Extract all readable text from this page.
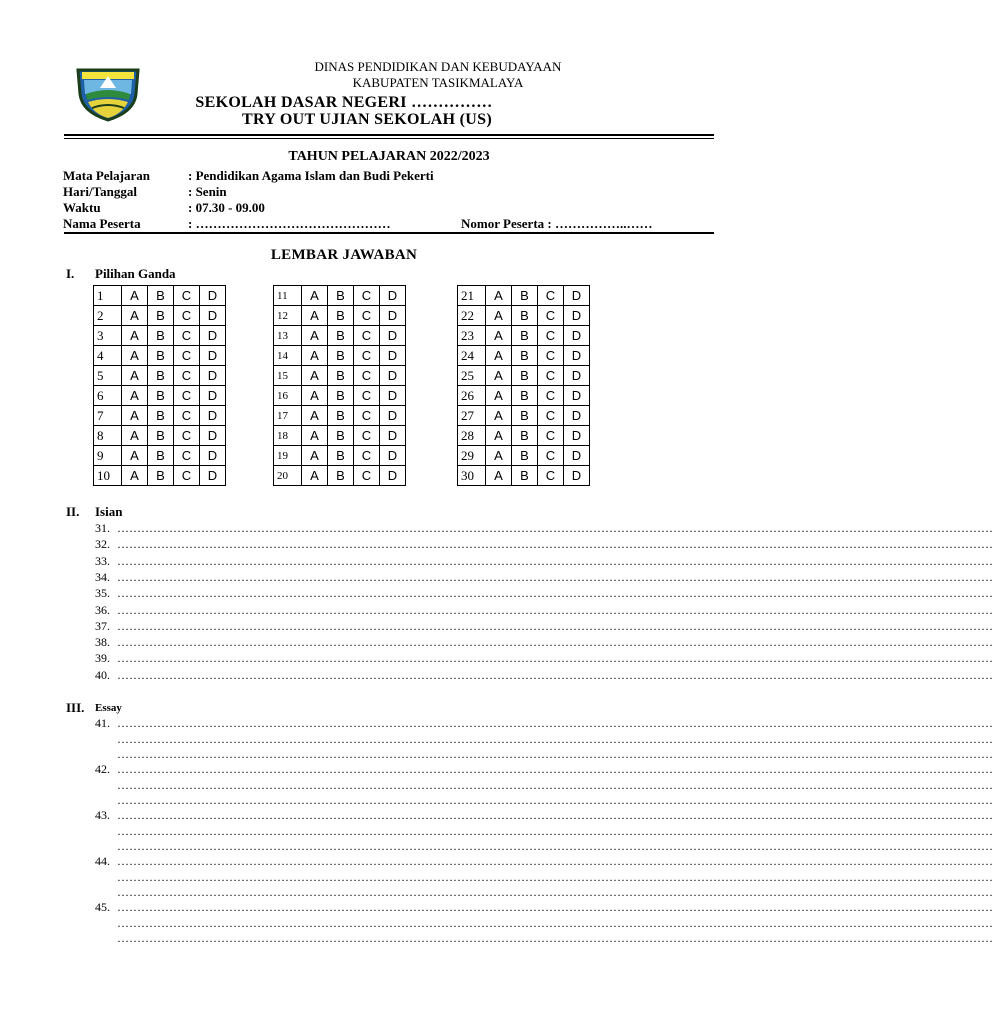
DINAS PENDIDIKAN DAN KEBUDAYAAN
KABUPATEN TASIKMALAYA
SEKOLAH DASAR NEGERI ……………
TRY OUT UJIAN SEKOLAH (US)
TAHUN PELAJARAN 2022/2023
Mata Pelajaran	: Pendidikan Agama Islam dan Budi Pekerti
Hari/Tanggal	: Senin
Waktu	: 07.30 - 09.00
Nama Peserta	: ………………………………………	Nomor Peserta : ……………..……
LEMBAR JAWABAN
I. Pilihan Ganda
1	A	B	C	D
2	A	B	C	D
3	A	B	C	D
4	A	B	C	D
5	A	B	C	D
6	A	B	C	D
7	A	B	C	D
8	A	B	C	D
9	A	B	C	D
10	A	B	C	D
11	A	B	C	D
12	A	B	C	D
13	A	B	C	D
14	A	B	C	D
15	A	B	C	D
16	A	B	C	D
17	A	B	C	D
18	A	B	C	D
19	A	B	C	D
20	A	B	C	D
21	A	B	C	D
22	A	B	C	D
23	A	B	C	D
24	A	B	C	D
25	A	B	C	D
26	A	B	C	D
27	A	B	C	D
28	A	B	C	D
29	A	B	C	D
30	A	B	C	D
II. Isian
31. …………………………………………………………………………………………………………………………………………………………………………………………………
32. …………………………………………………………………………………………………………………………………………………………………………………………………
33. …………………………………………………………………………………………………………………………………………………………………………………………………
34. …………………………………………………………………………………………………………………………………………………………………………………………………
35. …………………………………………………………………………………………………………………………………………………………………………………………………
36. …………………………………………………………………………………………………………………………………………………………………………………………………
37. …………………………………………………………………………………………………………………………………………………………………………………………………
38. …………………………………………………………………………………………………………………………………………………………………………………………………
39. …………………………………………………………………………………………………………………………………………………………………………………………………
40. …………………………………………………………………………………………………………………………………………………………………………………………………
III. Essay
41. …………………………………………………………………………………………………………………………………………………………………………………………………
…………………………………………………………………………………………………………………………………………………………………………………………………
…………………………………………………………………………………………………………………………………………………………………………………………………
42. …………………………………………………………………………………………………………………………………………………………………………………………………
…………………………………………………………………………………………………………………………………………………………………………………………………
…………………………………………………………………………………………………………………………………………………………………………………………………
43. …………………………………………………………………………………………………………………………………………………………………………………………………
…………………………………………………………………………………………………………………………………………………………………………………………………
…………………………………………………………………………………………………………………………………………………………………………………………………
44. …………………………………………………………………………………………………………………………………………………………………………………………………
…………………………………………………………………………………………………………………………………………………………………………………………………
…………………………………………………………………………………………………………………………………………………………………………………………………
45. …………………………………………………………………………………………………………………………………………………………………………………………………
…………………………………………………………………………………………………………………………………………………………………………………………………
…………………………………………………………………………………………………………………………………………………………………………………………………
